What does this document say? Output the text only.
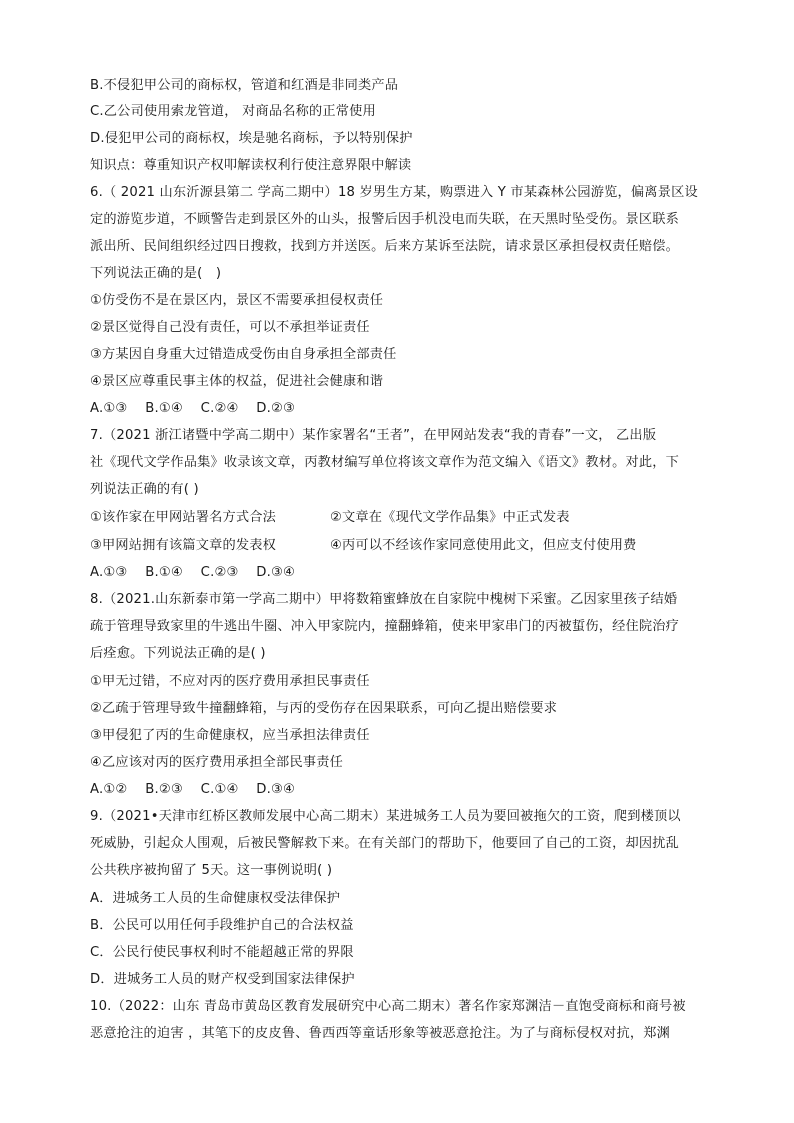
B.不侵犯甲公司的商标权，管道和红酒是非同类产品
C.乙公司使用索龙管道， 对商品名称的正常使用
D.侵犯甲公司的商标权，埃是驰名商标，予以特别保护
知识点：尊重知识产权叩解读权利行使注意界限中解读
6.（ 2021 山东沂源县第二 学高二期中）18 岁男生方某，购票进入 Y 市某森林公园游览，偏离景区设
定的游览步道，不顾警告走到景区外的山头，报警后因手机没电而失联，在天黑时坠受伤。景区联系
派出所、民间组织经过四日搜救，找到方并送医。后来方某诉至法院，请求景区承担侵权责任赔偿。
下列说法正确的是(　)
①仿受伤不是在景区内，景区不需要承担侵权责任
②景区觉得自己没有责任，可以不承担举证责任
③方某因自身重大过错造成受伤由自身承担全部责任
④景区应尊重民事主体的权益，促进社会健康和谐
A.①③　 B.①④　 C.②④　 D.②③
7.（2021 浙江诸暨中学高二期中）某作家署名“王者”，在甲网站发表“我的青春”一文， 乙出版
社《现代文学作品集》收录该文章，丙教材编写单位将该文章作为范文编入《语文》教材。对此，下
列说法正确的有( )
①该作家在甲网站署名方式合法	②文章在《现代文学作品集》中正式发表
③甲网站拥有该篇文章的发表权	④丙可以不经该作家同意使用此文，但应支付使用费
A.①③　 B.①④　 C.②③　 D.③④
8.（2021.山东新泰市第一学高二期中）甲将数箱蜜蜂放在自家院中槐树下采蜜。乙因家里孩子结婚
疏于管理导致家里的牛逃出牛圈、冲入甲家院内，撞翻蜂箱，使来甲家串门的丙被蜇伤，经住院治疗
后痊愈。下列说法正确的是( )
①甲无过错，不应对丙的医疗费用承担民事责任
②乙疏于管理导致牛撞翻蜂箱，与丙的受伤存在因果联系，可向乙提出赔偿要求
③甲侵犯了丙的生命健康权，应当承担法律责任
④乙应该对丙的医疗费用承担全部民事责任
A.①②　 B.②③　 C.①④　 D.③④
9.（2021•天津市红桥区教师发展中心高二期末）某进城务工人员为要回被拖欠的工资，爬到楼顶以
死威胁，引起众人围观，后被民警解救下来。在有关部门的帮助下，他要回了自己的工资，却因扰乱
公共秩序被拘留了 5天。这一事例说明( )
A．进城务工人员的生命健康权受法律保护
B．公民可以用任何手段维护自己的合法权益
C．公民行使民事权利时不能超越正常的界限
D．进城务工人员的财产权受到国家法律保护
10.（2022：山东 青岛市黄岛区教育发展研究中心高二期末）著名作家郑渊洁－直饱受商标和商号被
恶意抢注的迫害 ，其笔下的皮皮鲁、鲁西西等童话形象等被恶意抢注。为了与商标侵权对抗，郑渊
